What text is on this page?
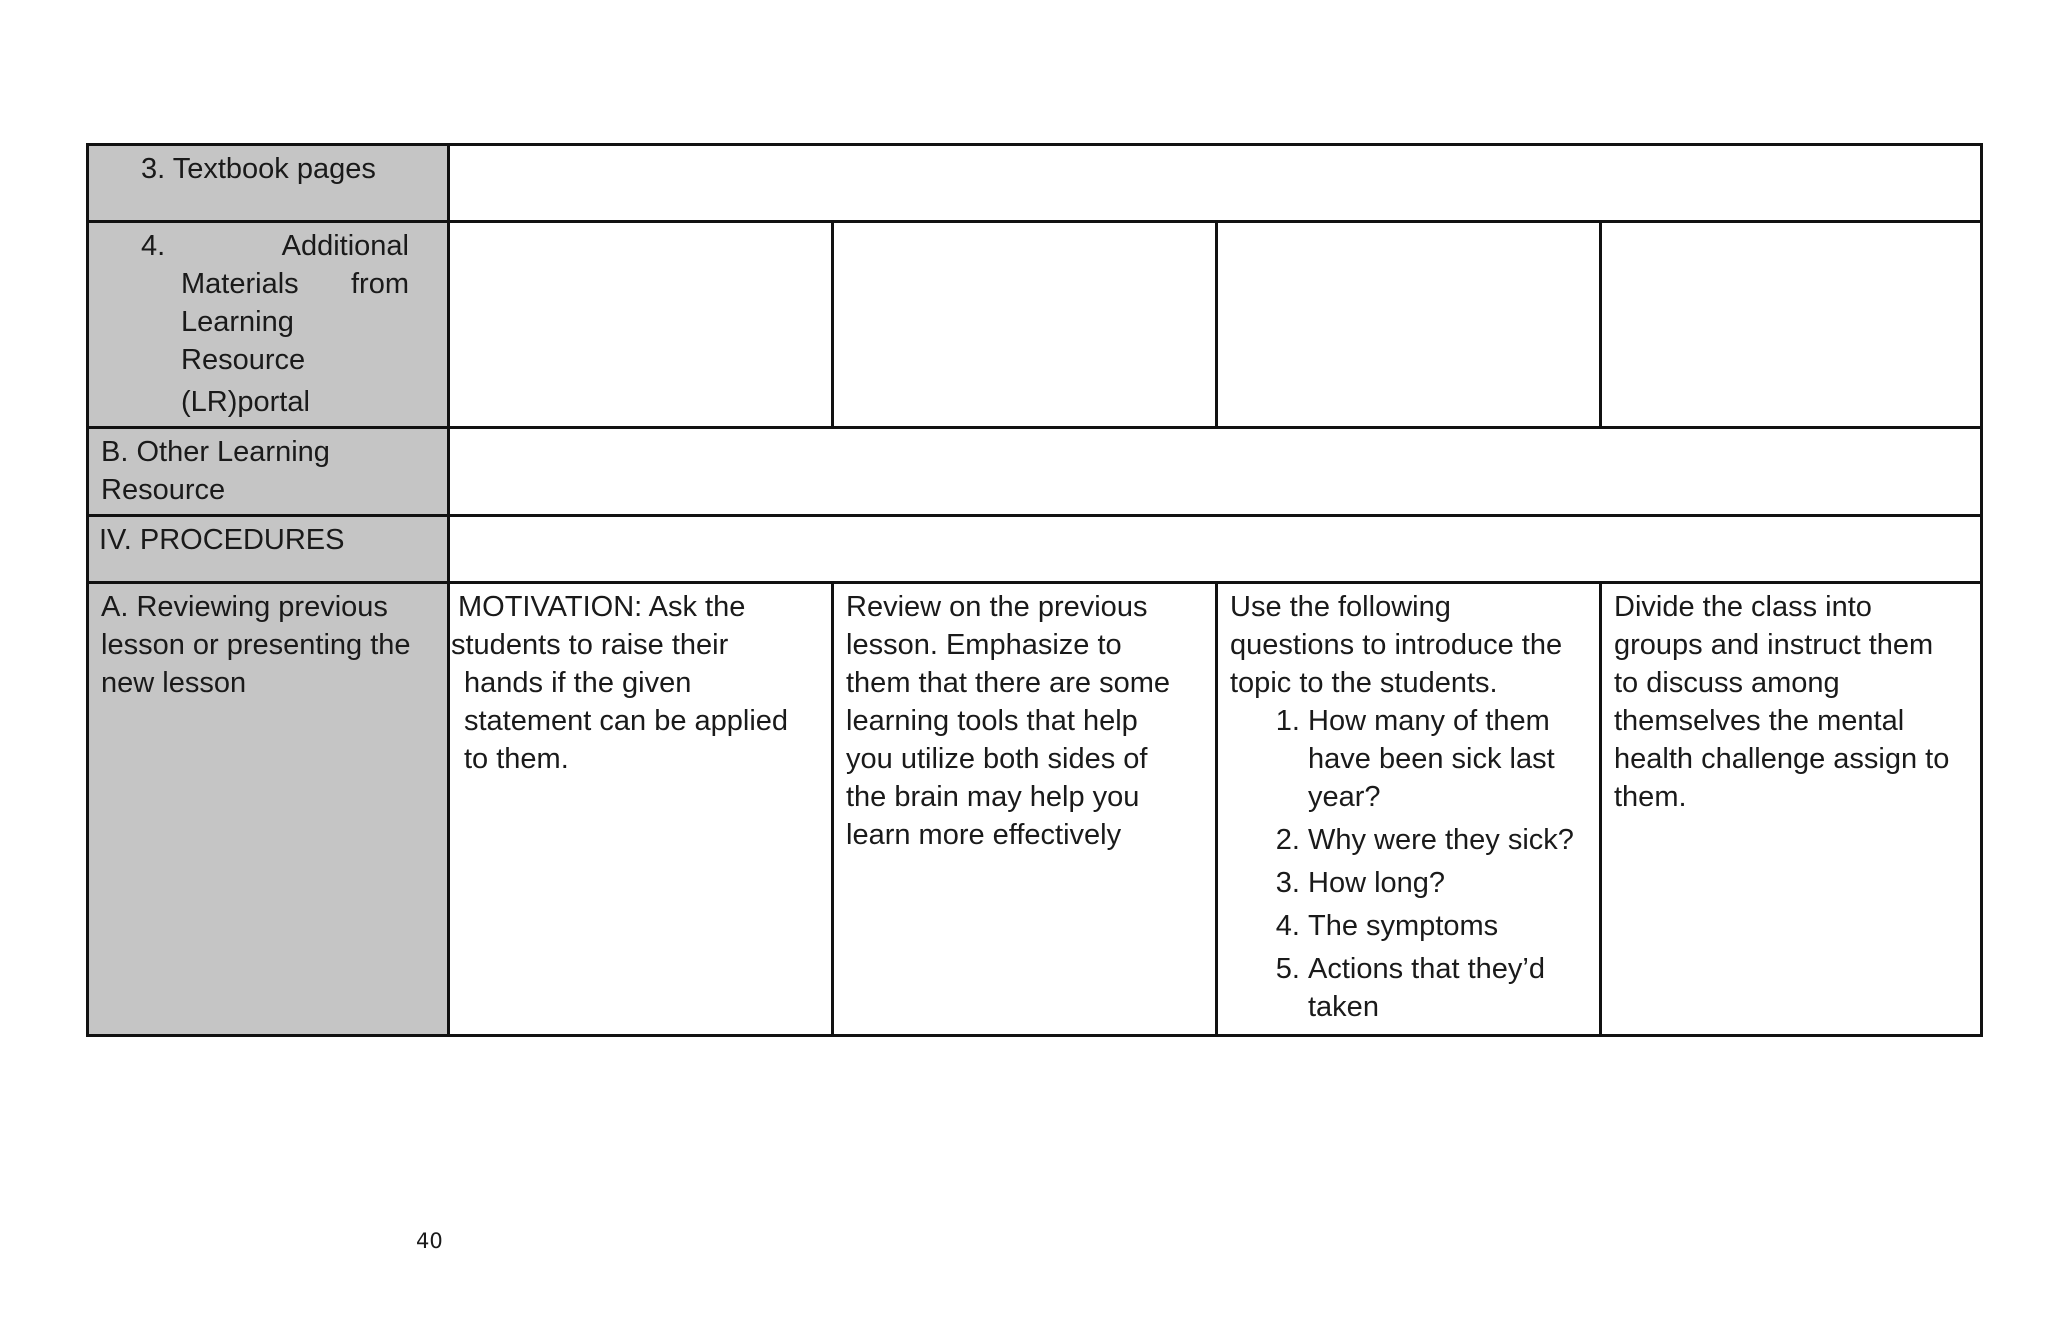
3. Textbook pages
4.	Additional
Materials from
Learning
Resource
(LR)portal
B. Other Learning
Resource
IV. PROCEDURES
A. Reviewing previous
lesson or presenting the
new lesson
MOTIVATION: Ask the
students to raise their
hands if the given
statement can be applied
to them.
Review on the previous
lesson. Emphasize to
them that there are some
learning tools that help
you utilize both sides of
the brain may help you
learn more effectively
Use the following
questions to introduce the
topic to the students.
1. How many of them have been sick last year?
2. Why were they sick?
3. How long?
4. The symptoms
5. Actions that they’d taken
Divide the class into
groups and instruct them
to discuss among
themselves the mental
health challenge assign to
them.
40
